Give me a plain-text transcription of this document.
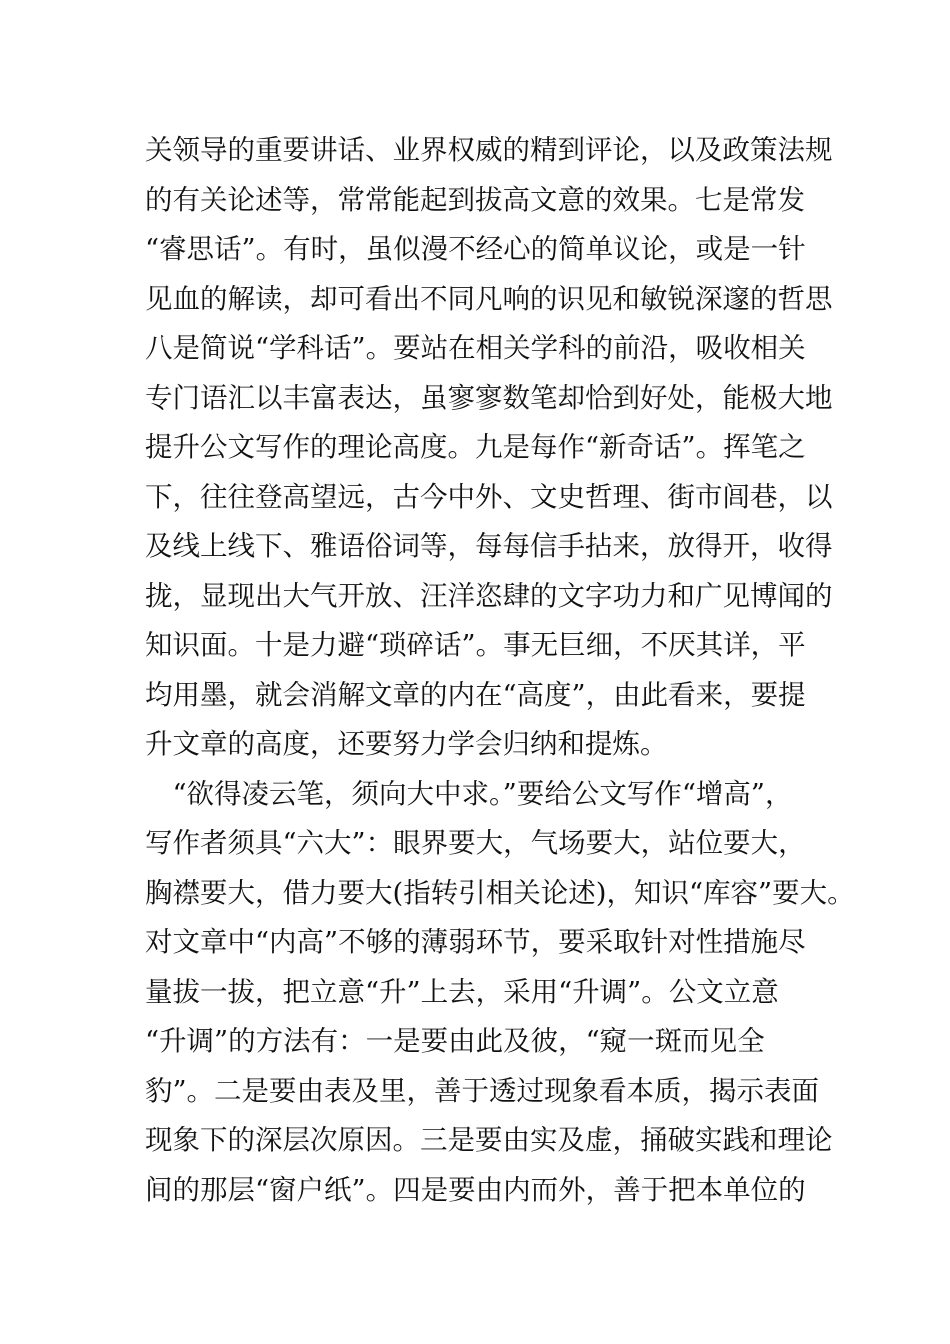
关领导的重要讲话、业界权威的精到评论，以及政策法规
的有关论述等，常常能起到拔高文意的效果。七是常发
“睿思话”。有时，虽似漫不经心的简单议论，或是一针
见血的解读，却可看出不同凡响的识见和敏锐深邃的哲思
八是简说“学科话”。要站在相关学科的前沿，吸收相关
专门语汇以丰富表达，虽寥寥数笔却恰到好处，能极大地
提升公文写作的理论高度。九是每作“新奇话”。挥笔之
下，往往登高望远，古今中外、文史哲理、街市闾巷，以
及线上线下、雅语俗词等，每每信手拈来，放得开，收得
拢，显现出大气开放、汪洋恣肆的文字功力和广见博闻的
知识面。十是力避“琐碎话”。事无巨细，不厌其详，平
均用墨，就会消解文章的内在“高度”，由此看来，要提
升文章的高度，还要努力学会归纳和提炼。
　“欲得凌云笔，须向大中求。”要给公文写作“增高”，
写作者须具“六大”：眼界要大，气场要大，站位要大，
胸襟要大，借力要大(指转引相关论述)，知识“库容”要大。
对文章中“内高”不够的薄弱环节，要采取针对性措施尽
量拔一拔，把立意“升”上去，采用“升调”。公文立意
“升调”的方法有：一是要由此及彼，“窥一斑而见全
豹”。二是要由表及里，善于透过现象看本质，揭示表面
现象下的深层次原因。三是要由实及虚，捅破实践和理论
间的那层“窗户纸”。四是要由内而外，善于把本单位的
